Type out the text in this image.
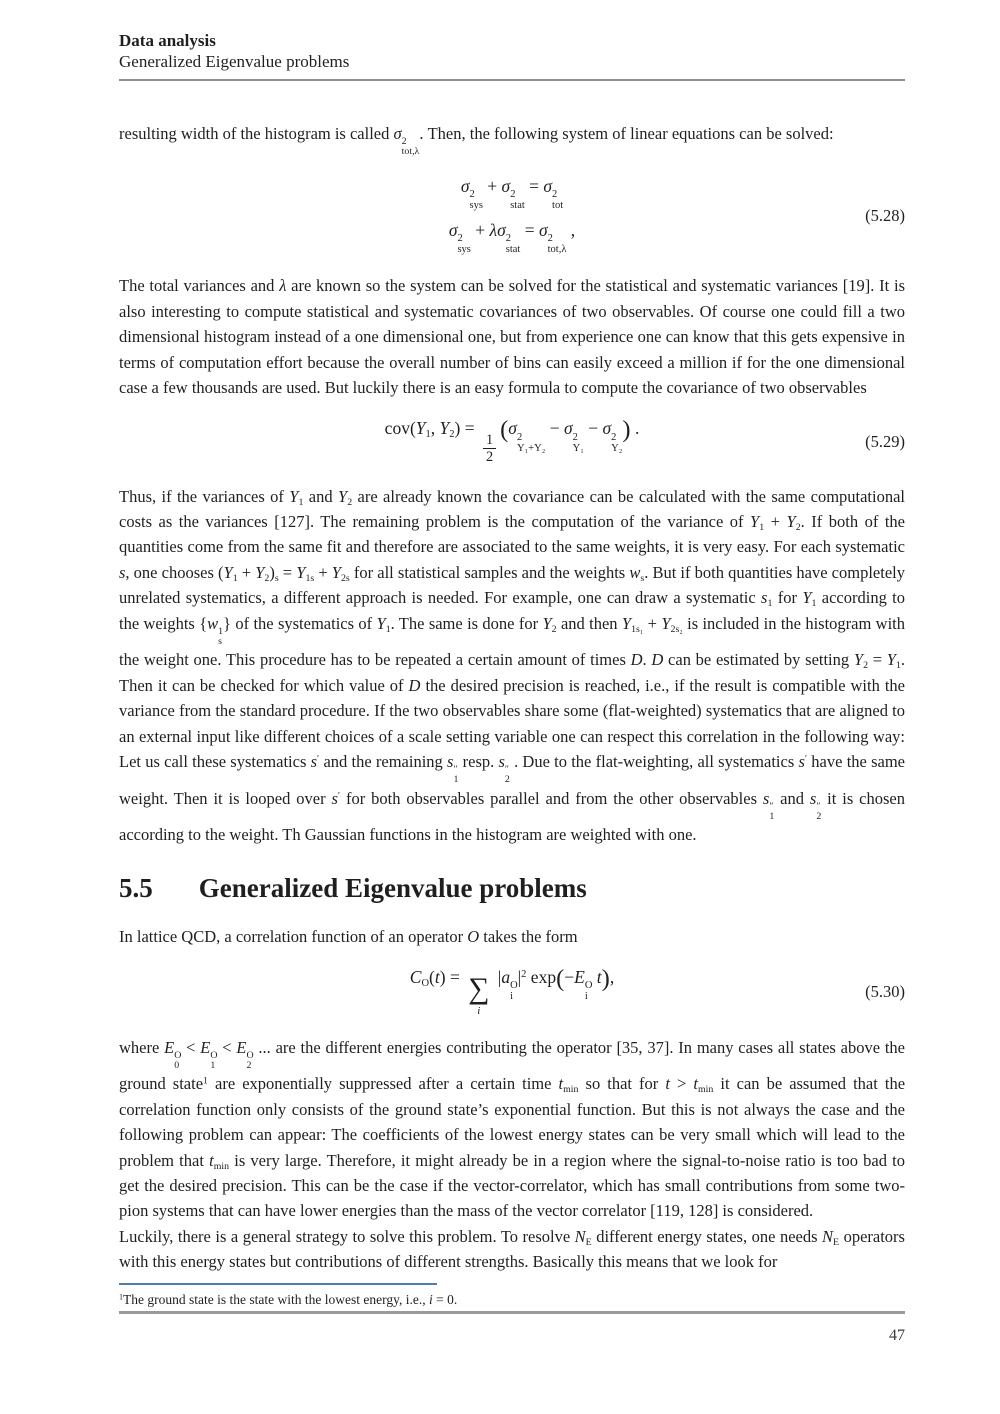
Data analysis
Generalized Eigenvalue problems
resulting width of the histogram is called σ 2
tot,λ
. Then, the following system of linear equations can be solved:
σ 2
sys
+ σ 2
stat
= σ 2
tot
σ 2
sys
+ λσ 2
stat
= σ 2
tot,λ
,
(5.28)
The total variances and λ are known so the system can be solved for the statistical and systematic variances [19]. It is also interesting to compute statistical and systematic covariances of two observables. Of course one could fill a two dimensional histogram instead of a one dimensional one, but from experience one can know that this gets expensive in terms of computation effort because the overall number of bins can easily exceed a million if for the one dimensional case a few thousands are used. But luckily there is an easy formula to compute the covariance of two observables
$cov(Y_1$, $Y_2$) =
$\frac{1}{2}$
(σ 2
Y₁+Y₂
− σ 2
Y₁
− σ 2
Y₂
) .
(5.29)
Thus, if the variances of $Y_1$ and $Y_2$ are already known the covariance can be calculated with the same computational costs as the variances [127]. The remaining problem is the computation of the variance of $Y_1 + Y_2$. If both of the quantities come from the same fit and therefore are associated to the same weights, it is very easy. For each systematic s, one chooses $(Y_1 + Y_2)_s = Y_{1s} + Y_{2s}$ for all statistical samples and the weights $w_s$. But if both quantities have completely unrelated systematics, a different approach is needed. For example, one can draw a systematic $s_1$ for $Y_1$ according to the weights {w 1
s
} of the systematics of $Y_1$. The same is done for $Y_2$ and then $Y_{1s_1} + Y_{2s_2}$ is included in the histogram with the weight one. This procedure has to be repeated a certain amount of times D. D can be estimated by setting $Y_2 = Y_1$. Then it can be checked for which value of D the desired precision is reached, i.e., if the result is compatible with the variance from the standard procedure. If the two observables share some (flat-weighted) systematics that are aligned to an external input like different choices of a scale setting variable one can respect this correlation in the following way: Let us call these systematics s′ and the remaining s ″
1
resp. s ″
2
. Due to the flat-weighting, all systematics s′ have the same weight. Then it is looped over s′ for both observables parallel and from the other observables s ″
1
and s ″
2
it is chosen according to the weight. Th Gaussian functions in the histogram are weighted with one.
5.5 Generalized Eigenvalue problems
In lattice QCD, a correlation function of an operator O takes the form
$C_O(t)$ = ∑
i
|a O
i
$|^2$ exp(−E O
i
t),
(5.30)
where E O
0
< E O
1
< E O
2
... are the different energies contributing the operator [35, 37]. In many cases all states above the ground state$^1$ are exponentially suppressed after a certain time $t_{min}$ so that for $t > t_{min}$ it can be assumed that the correlation function only consists of the ground state’s exponential function. But this is not always the case and the following problem can appear: The coefficients of the lowest energy states can be very small which will lead to the problem that $t_{min}$ is very large. Therefore, it might already be in a region where the signal-to-noise ratio is too bad to get the desired precision. This can be the case if the vector-correlator, which has small contributions from some two-pion systems that can have lower energies than the mass of the vector correlator [119, 128] is considered.
Luckily, there is a general strategy to solve this problem. To resolve $N_E$ different energy states, one needs $N_E$ operators with this energy states but contributions of different strengths. Basically this means that we look for
$^1$The ground state is the state with the lowest energy, i.e., i = 0.
47
